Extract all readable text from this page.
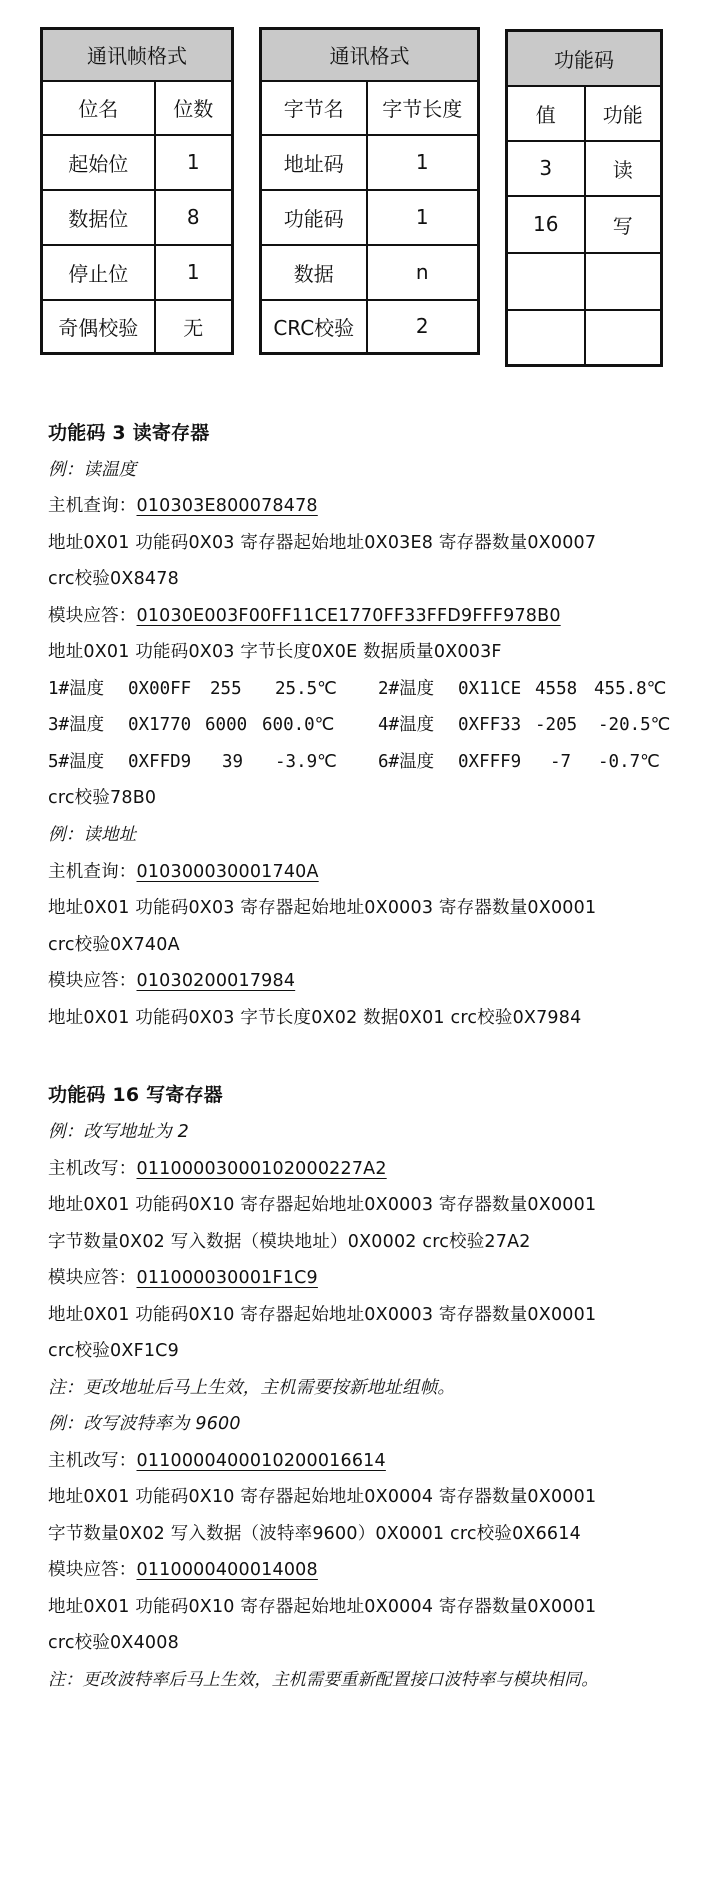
通讯帧格式	
位名	位数
起始位	1
数据位	8
停止位	1
奇偶校验	无
通讯格式	
字节名	字节长度
地址码	1
功能码	1
数据	n
CRC校验	2
功能码	
值	功能
3	读
16	写

功能码 3 读寄存器
例：读温度
主机查询：010303E800078478
地址0X01 功能码0X03 寄存器起始地址0X03E8 寄存器数量0X0007
crc校验0X8478
模块应答：01030E003F00FF11CE1770FF33FFD9FFF978B0
地址0X01 功能码0X03 字节长度0X0E 数据质量0X003F
1#温度 0X00FF 255 25.5℃ 2#温度 0X11CE 4558 455.8℃
3#温度 0X1770 6000 600.0℃ 4#温度 0XFF33 -205 -20.5℃
5#温度 0XFFD9 39 -3.9℃ 6#温度 0XFFF9 -7 -0.7℃
crc校验78B0
例：读地址
主机查询：010300030001740A
地址0X01 功能码0X03 寄存器起始地址0X0003 寄存器数量0X0001
crc校验0X740A
模块应答：01030200017984
地址0X01 功能码0X03 字节长度0X02 数据0X01 crc校验0X7984
功能码 16 写寄存器
例：改写地址为 2
主机改写：01100003000102000227A2
地址0X01 功能码0X10 寄存器起始地址0X0003 寄存器数量0X0001
字节数量0X02 写入数据（模块地址）0X0002 crc校验27A2
模块应答：011000030001F1C9
地址0X01 功能码0X10 寄存器起始地址0X0003 寄存器数量0X0001
crc校验0XF1C9
注：更改地址后马上生效，主机需要按新地址组帧。
例：改写波特率为 9600
主机改写：0110000400010200016614
地址0X01 功能码0X10 寄存器起始地址0X0004 寄存器数量0X0001
字节数量0X02 写入数据（波特率9600）0X0001 crc校验0X6614
模块应答：0110000400014008
地址0X01 功能码0X10 寄存器起始地址0X0004 寄存器数量0X0001
crc校验0X4008
注：更改波特率后马上生效，主机需要重新配置接口波特率与模块相同。
